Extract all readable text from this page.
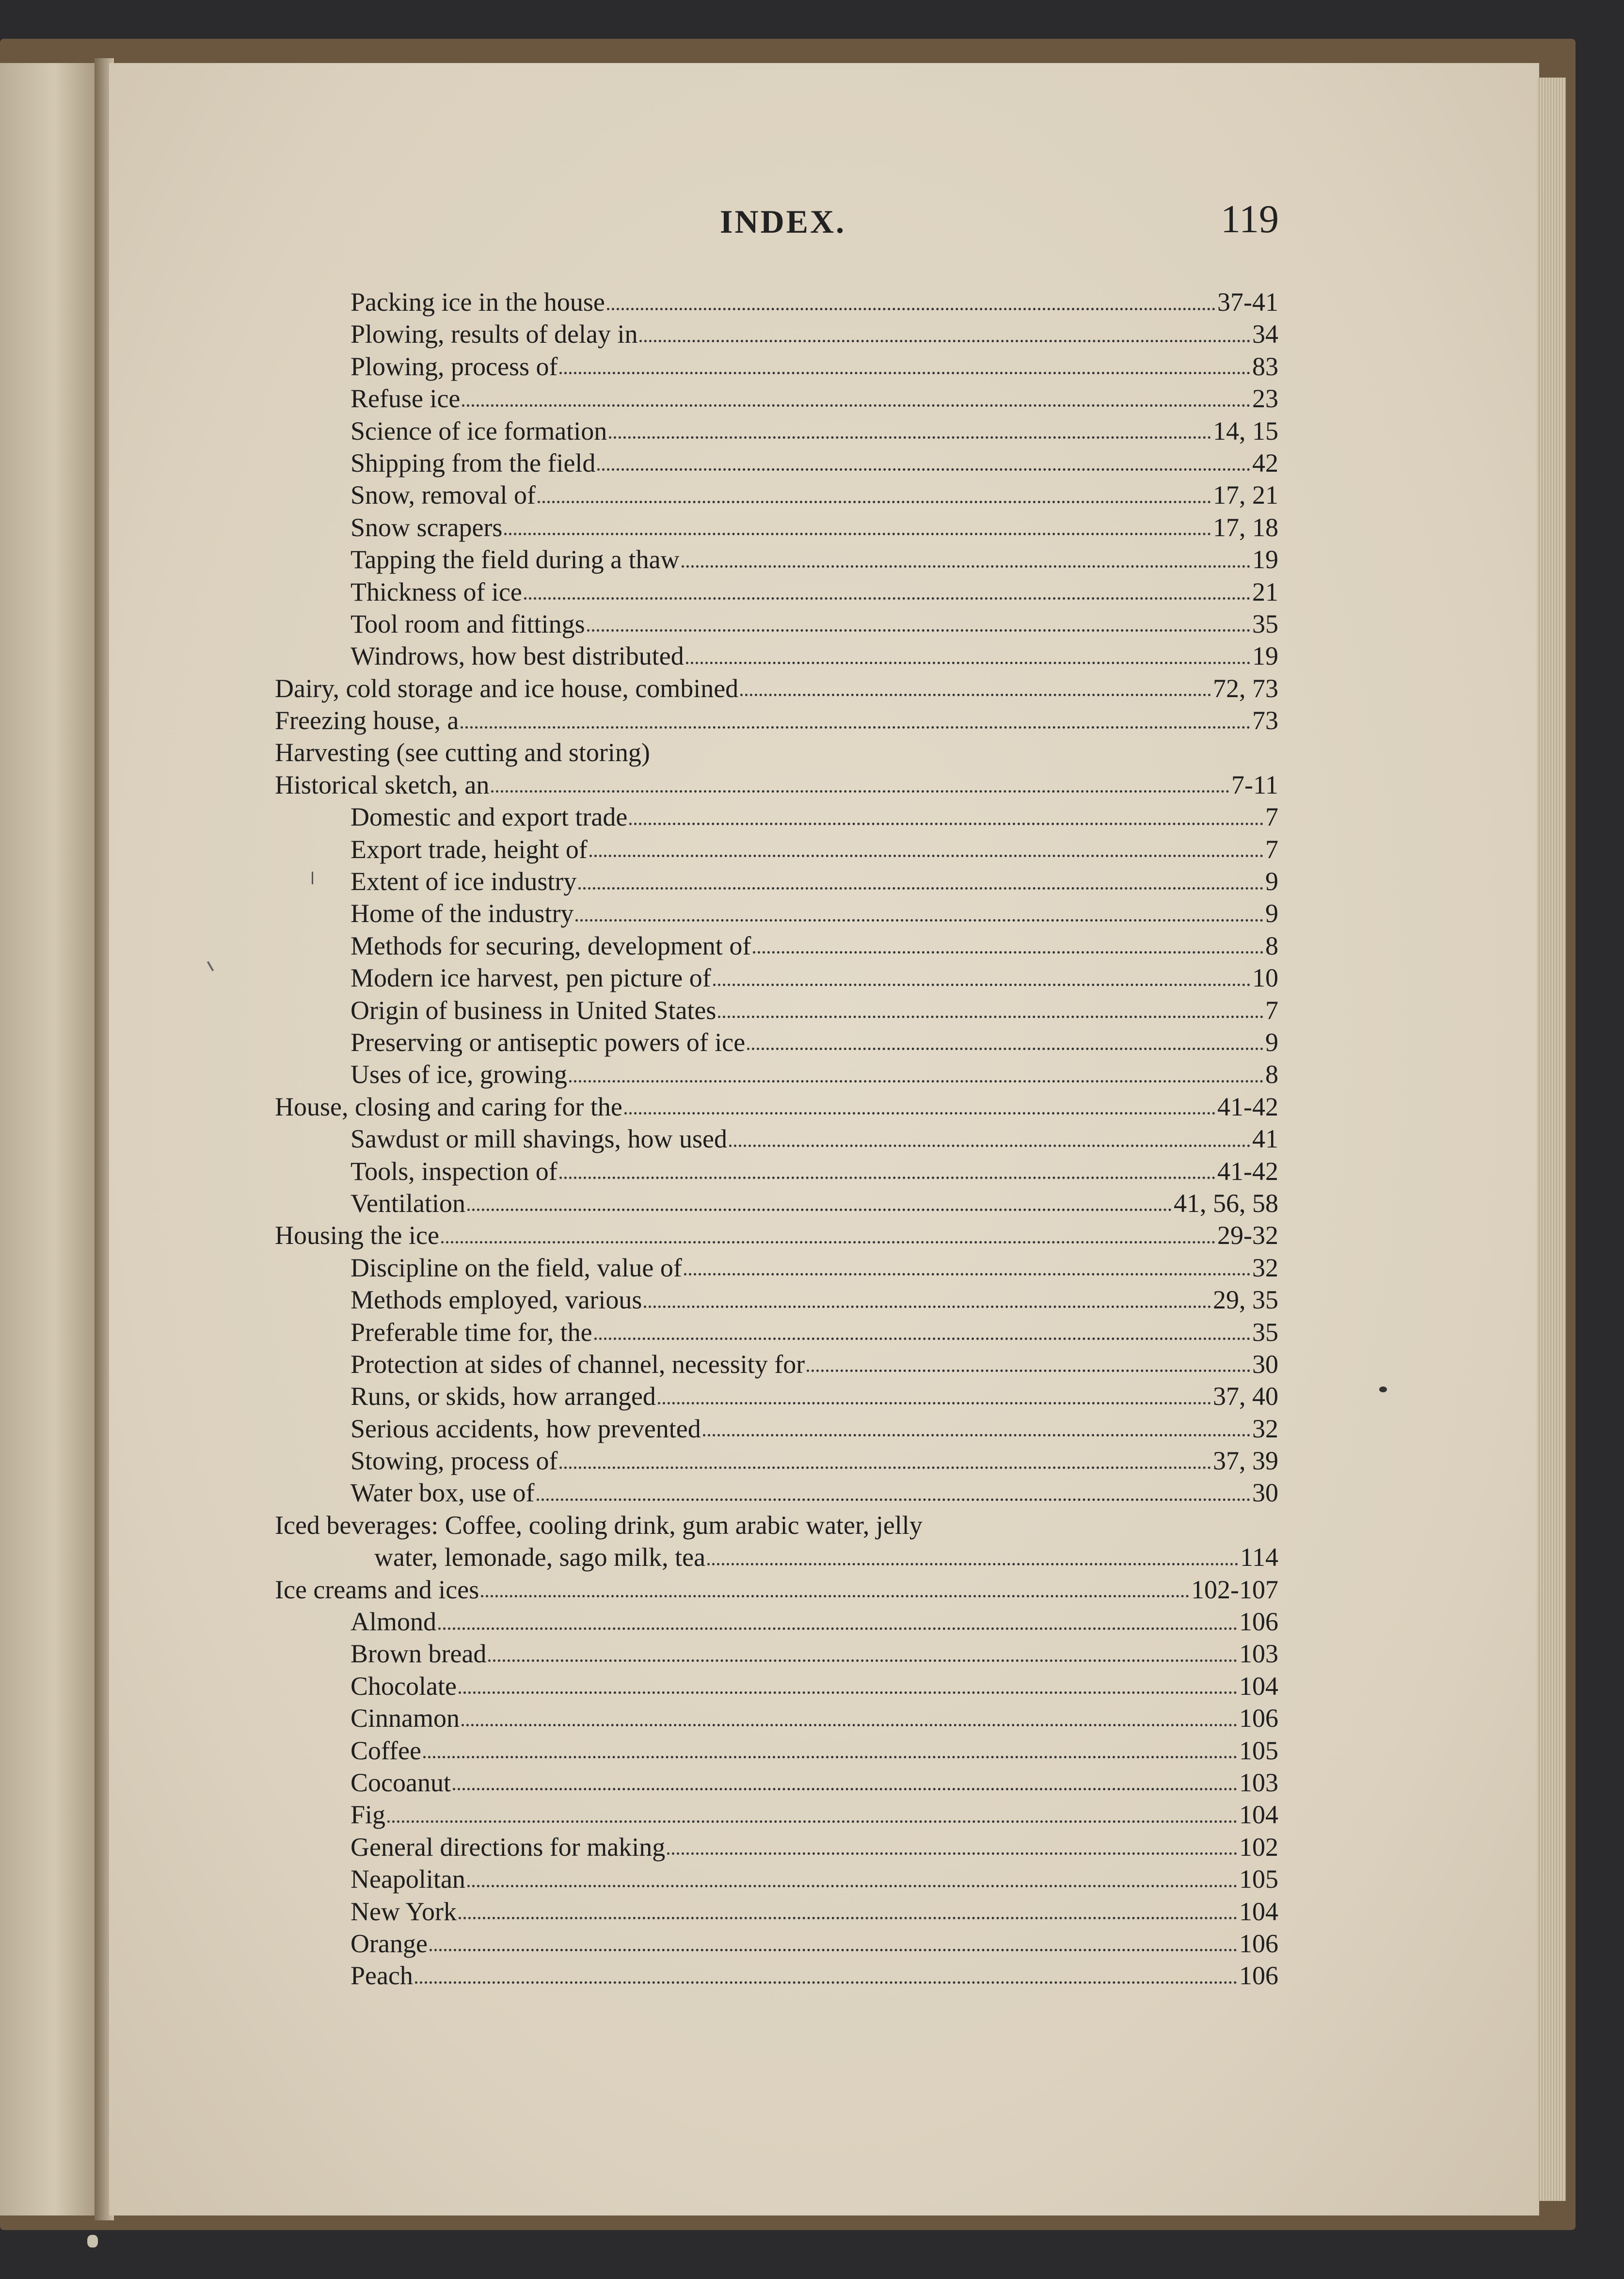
INDEX.	119
Packing ice in the house	37-41
Plowing, results of delay in	34
Plowing, process of	83
Refuse ice	23
Science of ice formation	14, 15
Shipping from the field	42
Snow, removal of	17, 21
Snow scrapers	17, 18
Tapping the field during a thaw	19
Thickness of ice	21
Tool room and fittings	35
Windrows, how best distributed	19
Dairy, cold storage and ice house, combined	72, 73
Freezing house, a	73
Harvesting (see cutting and storing)
Historical sketch, an	7-11
Domestic and export trade	7
Export trade, height of	7
Extent of ice industry	9
Home of the industry	9
Methods for securing, development of	8
Modern ice harvest, pen picture of	10
Origin of business in United States	7
Preserving or antiseptic powers of ice	9
Uses of ice, growing	8
House, closing and caring for the	41-42
Sawdust or mill shavings, how used	41
Tools, inspection of	41-42
Ventilation	41, 56, 58
Housing the ice	29-32
Discipline on the field, value of	32
Methods employed, various	29, 35
Preferable time for, the	35
Protection at sides of channel, necessity for	30
Runs, or skids, how arranged	37, 40
Serious accidents, how prevented	32
Stowing, process of	37, 39
Water box, use of	30
Iced beverages: Coffee, cooling drink, gum arabic water, jelly
water, lemonade, sago milk, tea	114
Ice creams and ices	102-107
Almond	106
Brown bread	103
Chocolate	104
Cinnamon	106
Coffee	105
Cocoanut	103
Fig	104
General directions for making	102
Neapolitan	105
New York	104
Orange	106
Peach	106
